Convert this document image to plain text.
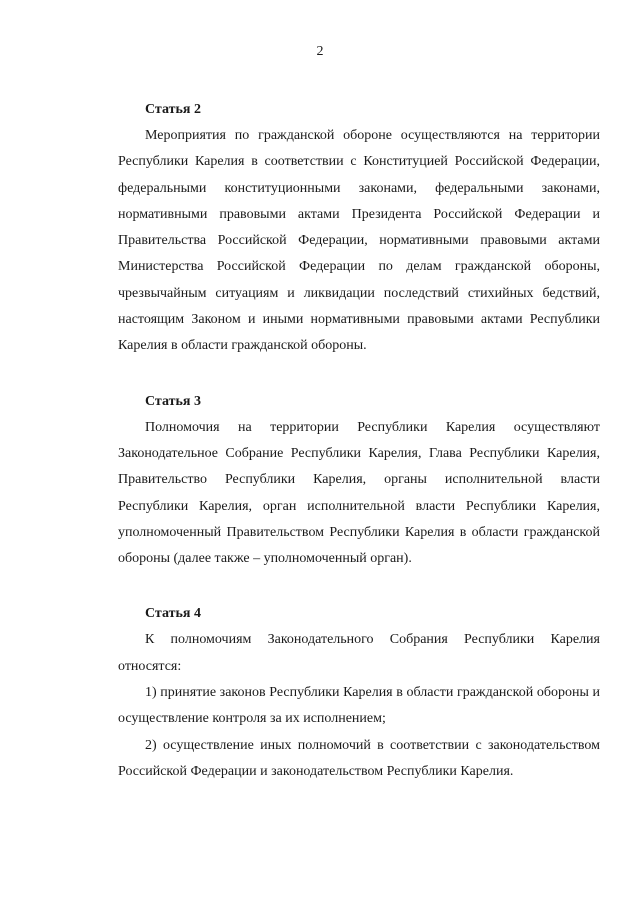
2
Статья 2

Мероприятия по гражданской обороне осуществляются на территории Республики Карелия в соответствии с Конституцией Российской Федерации, федеральными конституционными законами, федеральными законами, нормативными правовыми актами Президента Российской Федерации и Правительства Российской Федерации, нормативными правовыми актами Министерства Российской Федерации по делам гражданской обороны, чрезвычайным ситуациям и ликвидации последствий стихийных бедствий, настоящим Законом и иными нормативными правовыми актами Республики Карелия в области гражданской обороны.

Статья 3

Полномочия на территории Республики Карелия осуществляют Законодательное Собрание Республики Карелия, Глава Республики Карелия, Правительство Республики Карелия, органы исполнительной власти Республики Карелия, орган исполнительной власти Республики Карелия, уполномоченный Правительством Республики Карелия в области гражданской обороны (далее также – уполномоченный орган).

Статья 4

К полномочиям Законодательного Собрания Республики Карелия относятся:

1) принятие законов Республики Карелия в области гражданской обороны и осуществление контроля за их исполнением;

2) осуществление иных полномочий в соответствии с законодательством Российской Федерации и законодательством Республики Карелия.
